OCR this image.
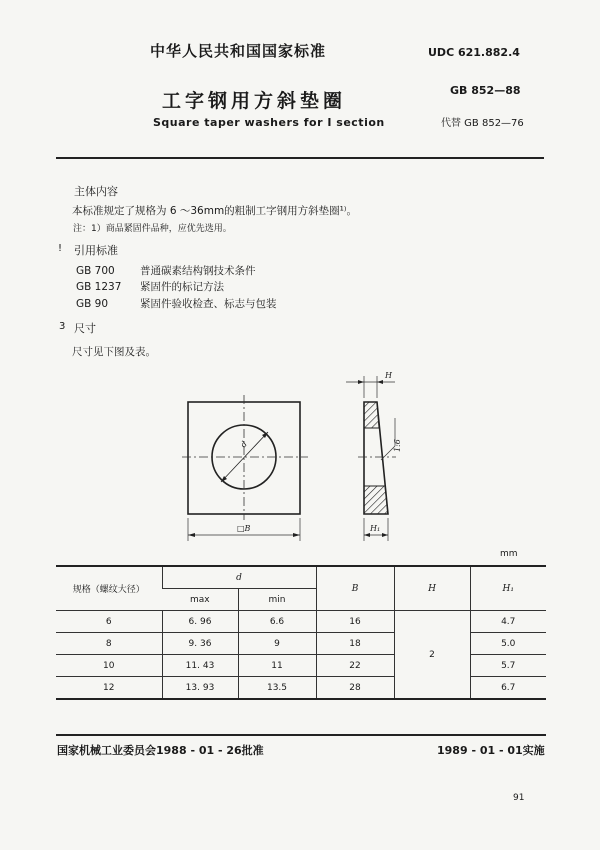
中华人民共和国国家标准
工字钢用方斜垫圈
Square taper washers for I section
UDC 621.882.4
GB 852—88
代替 GB 852—76
主体内容
本标准规定了规格为 6 ～36mm的粗制工字钢用方斜垫圈¹⁾。
注：1）商品紧固件品种，应优先选用。
! 引用标准
GB 700 普通碳素结构钢技术条件
GB 1237 紧固件的标记方法
GB 90	紧固件验收检查、标志与包装
3 尺寸
尺寸见下图及表。
d
□B
H
H₁
1:6
mm
规格（螺纹大径）	d		B	H	H₁
	max	min			
6	6. 96	6.6	16	2	4.7
8	9. 36	9	18		5.0
10	11. 43	11	22		5.7
12	13. 93	13.5	28		6.7
国家机械工业委员会1988 - 01 - 26批准	1989 - 01 - 01实施
91
